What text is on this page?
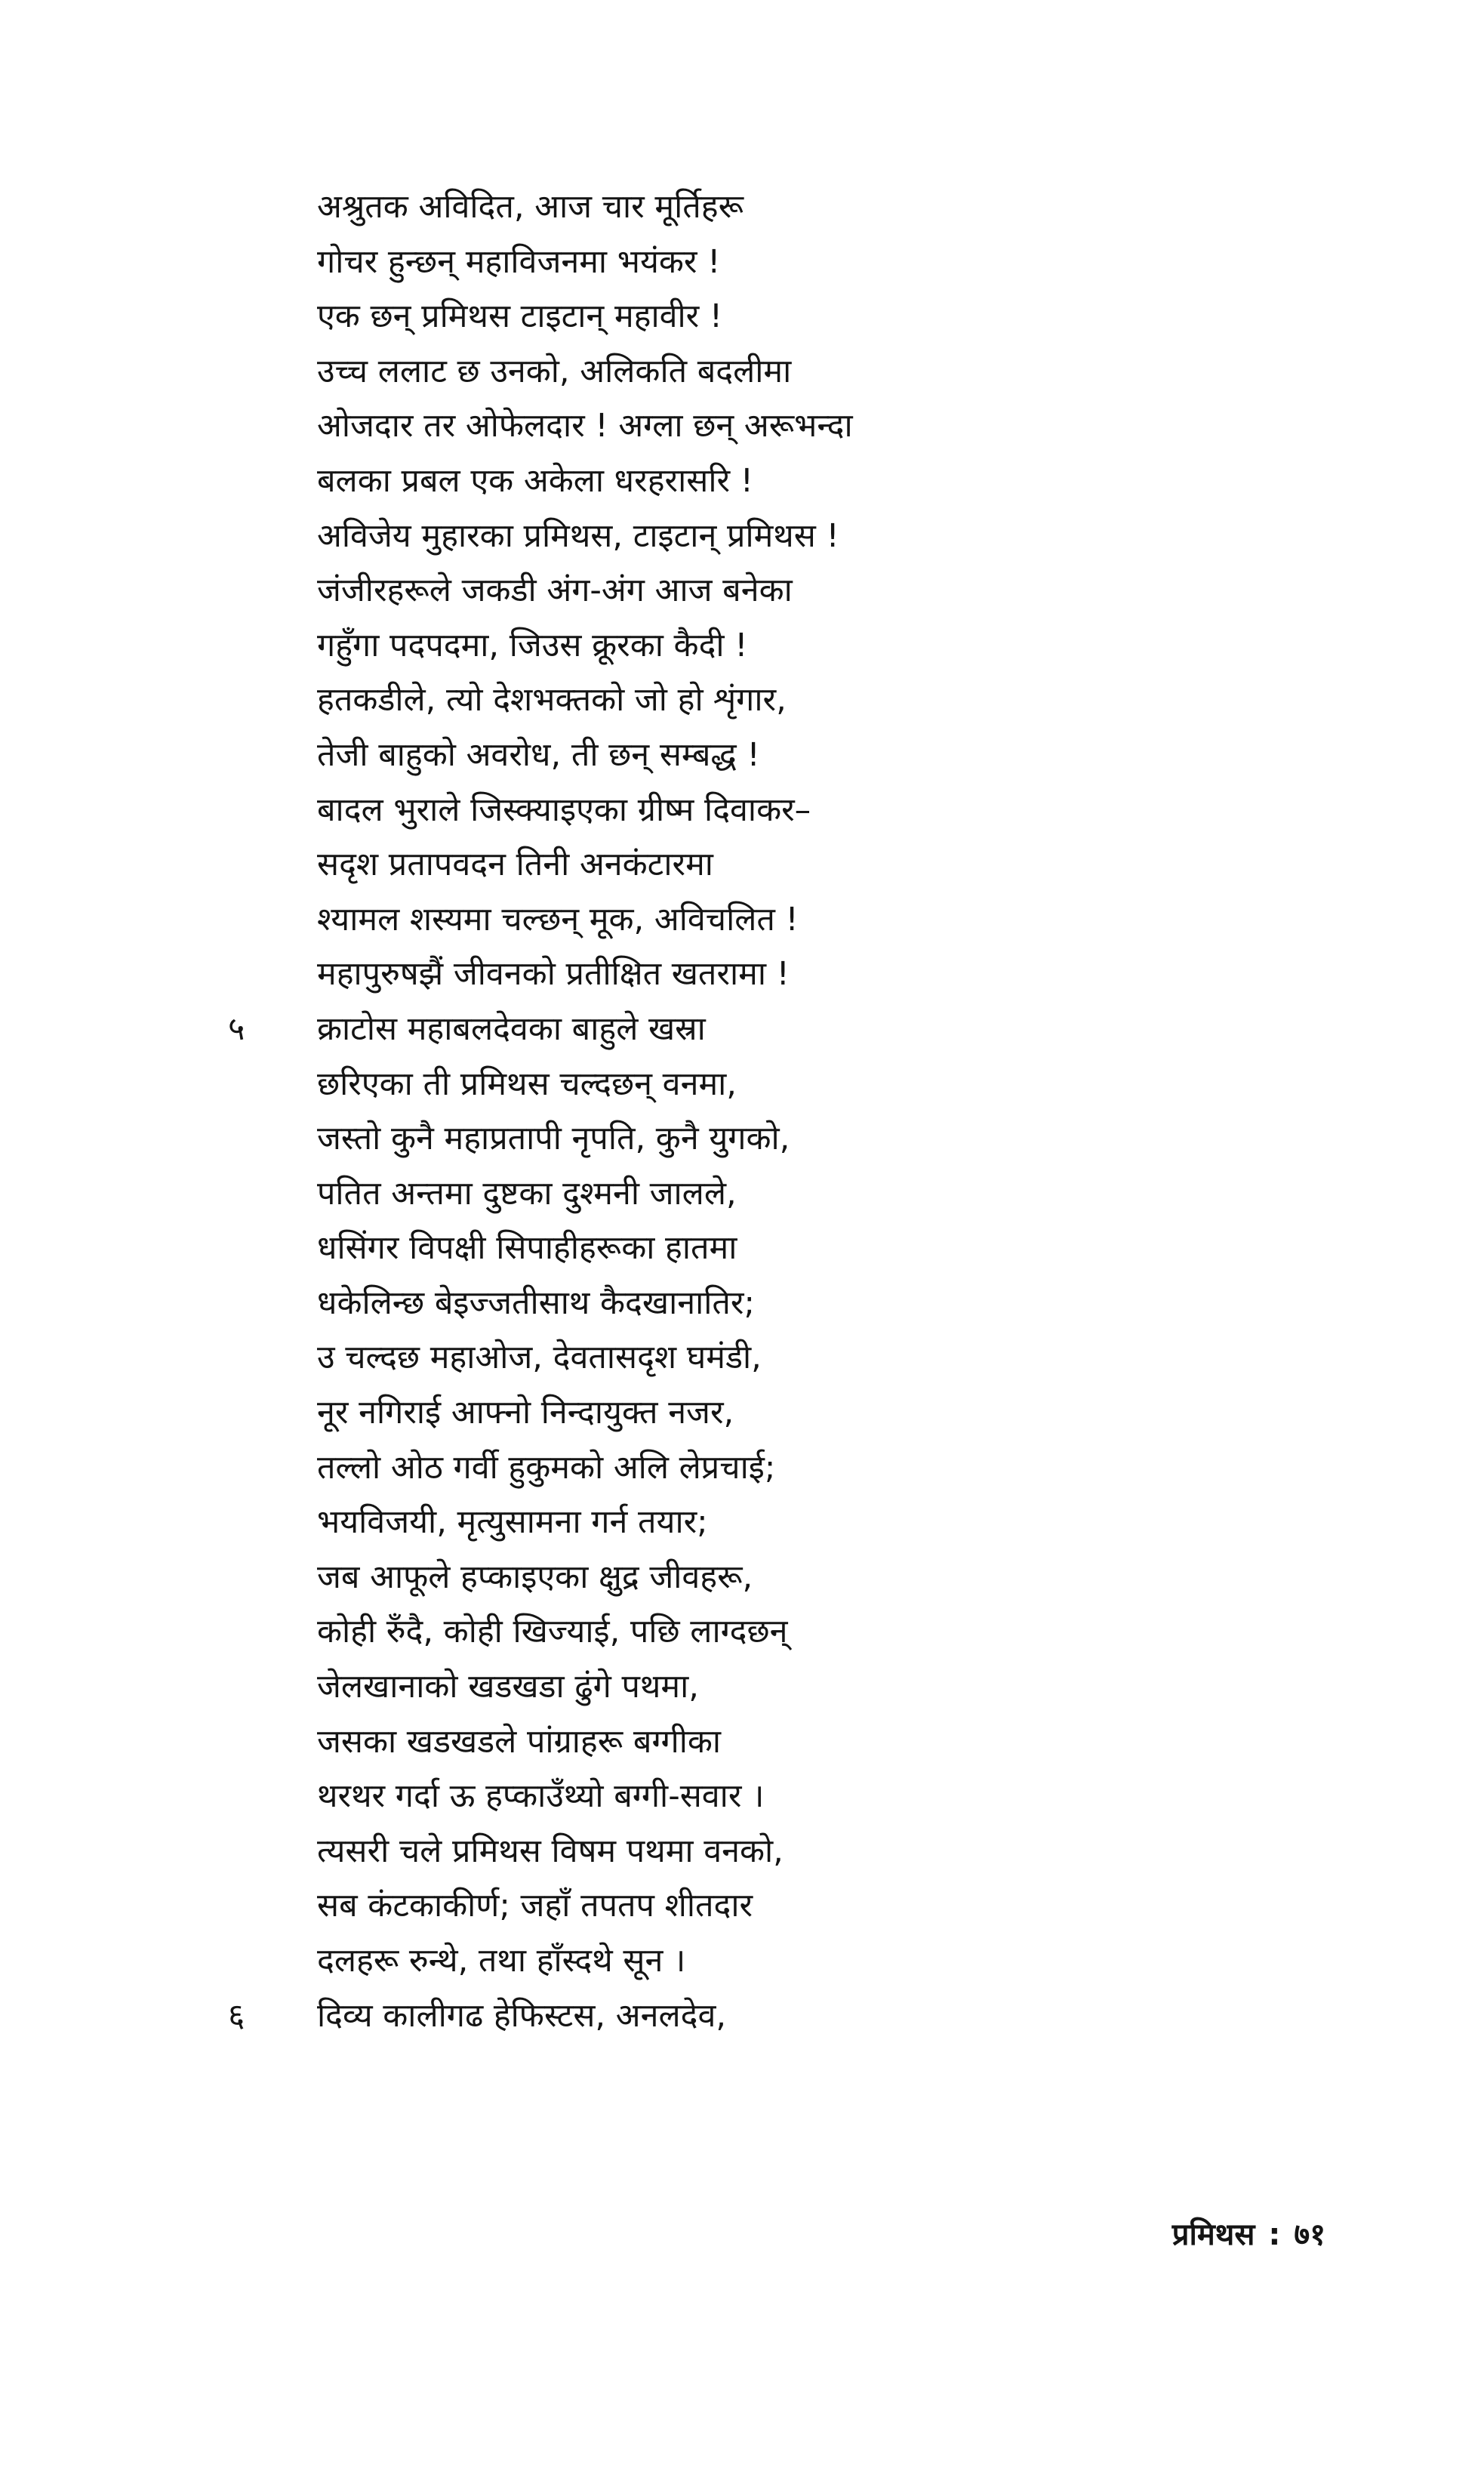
अश्रुतक अविदित, आज चार मूर्तिहरू
गोचर हुन्छन् महाविजनमा भयंकर !
एक छन् प्रमिथस टाइटान् महावीर !
उच्च ललाट छ उनको, अलिकति बदलीमा
ओजदार तर ओफेलदार ! अग्ला छन् अरूभन्दा
बलका प्रबल एक अकेला धरहरासरि !
अविजेय मुहारका प्रमिथस, टाइटान् प्रमिथस !
जंजीरहरूले जकडी अंग-अंग आज बनेका
गहुँगा पदपदमा, जिउस क्रूरका कैदी !
हतकडीले, त्यो देशभक्तको जो हो शृंगार,
तेजी बाहुको अवरोध, ती छन् सम्बद्ध !
बादल भुराले जिस्क्याइएका ग्रीष्म दिवाकर–
सदृश प्रतापवदन तिनी अनकंटारमा
श्यामल शस्यमा चल्छन् मूक, अविचलित !
महापुरुषझैं जीवनको प्रतीक्षित खतरामा !
५ क्राटोस महाबलदेवका बाहुले खस्रा
छरिएका ती प्रमिथस चल्दछन् वनमा,
जस्तो कुनै महाप्रतापी नृपति, कुनै युगको,
पतित अन्तमा दुष्टका दुश्मनी जालले,
धसिंगर विपक्षी सिपाहीहरूका हातमा
धकेलिन्छ बेइज्जतीसाथ कैदखानातिर;
उ चल्दछ महाओज, देवतासदृश घमंडी,
नूर नगिराई आफ्नो निन्दायुक्त नजर,
तल्लो ओठ गर्वी हुकुमको अलि लेप्रचाई;
भयविजयी, मृत्युसामना गर्न तयार;
जब आफूले हप्काइएका क्षुद्र जीवहरू,
कोही रुँदै, कोही खिज्याई, पछि लाग्दछन्
जेलखानाको खडखडा ढुंगे पथमा,
जसका खडखडले पांग्राहरू बग्गीका
थरथर गर्दा ऊ हप्काउँथ्यो बग्गी-सवार ।
त्यसरी चले प्रमिथस विषम पथमा वनको,
सब कंटकाकीर्ण; जहाँ तपतप शीतदार
दलहरू रुन्थे, तथा हाँस्दथे सून ।
६ दिव्य कालीगढ हेफिस्टस, अनलदेव,
प्रमिथस : ७१
